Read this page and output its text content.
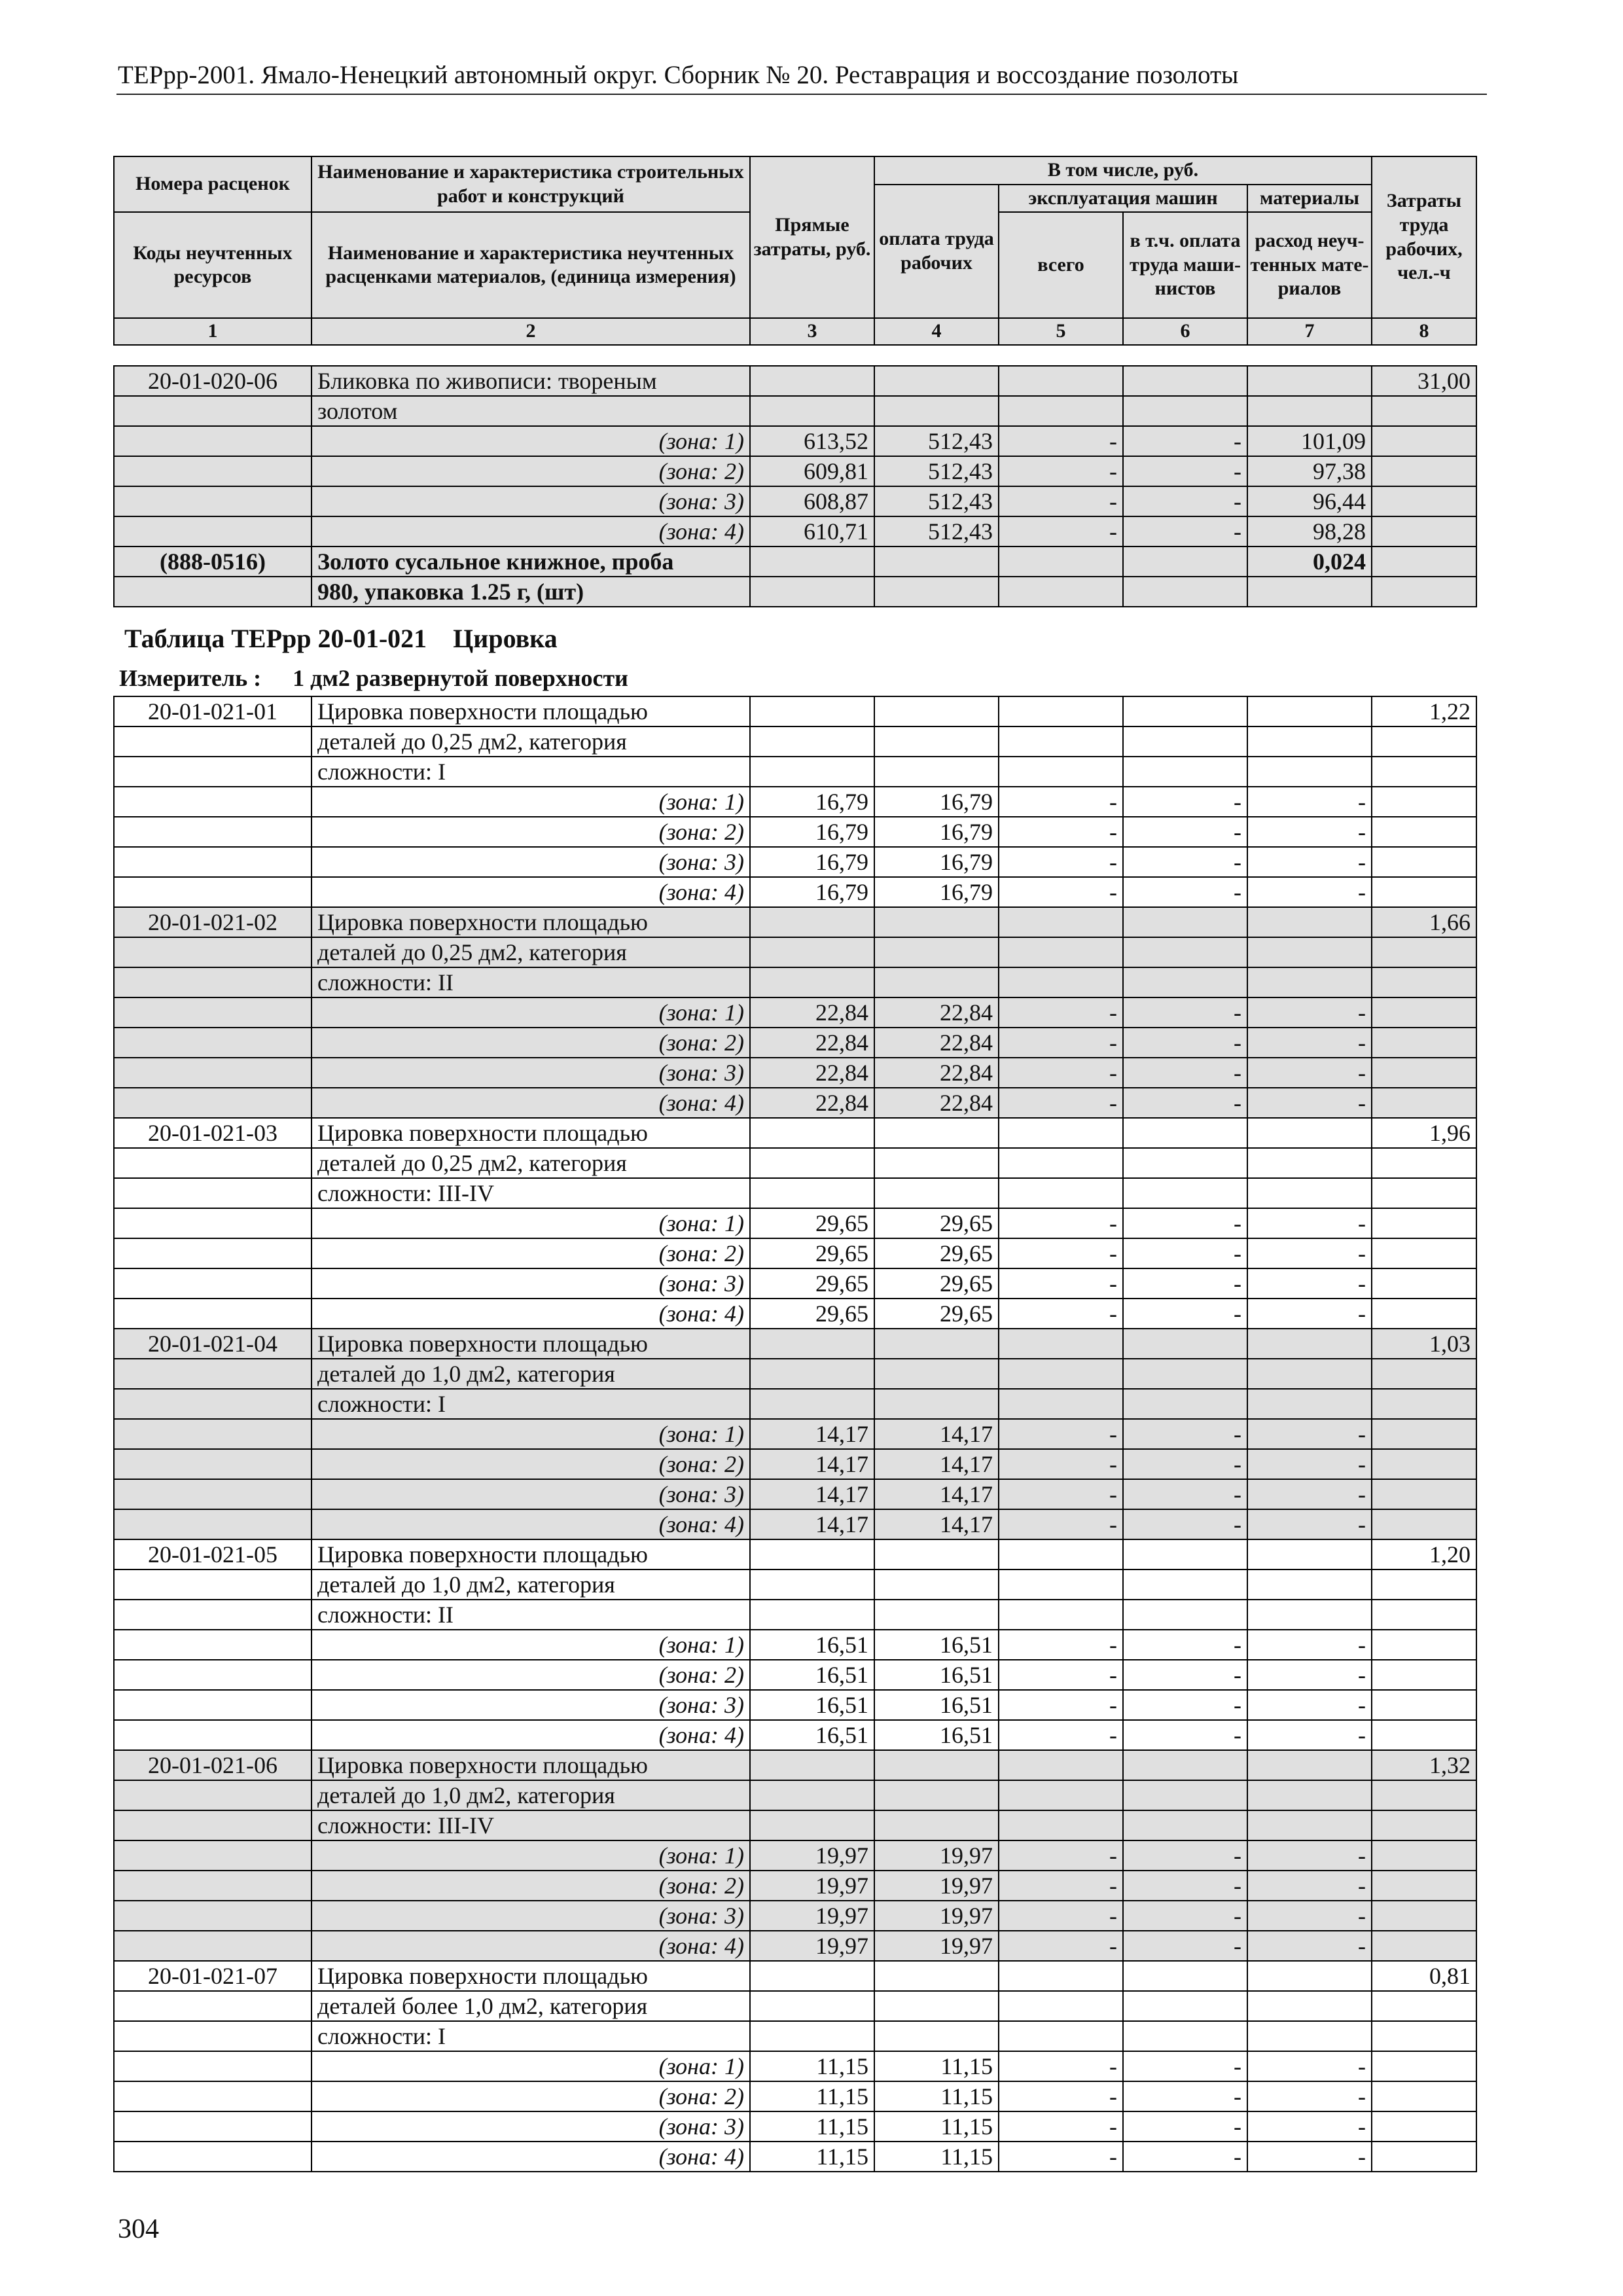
ТЕРрр-2001. Ямало-Ненецкий автономный округ. Сборник № 20. Реставрация и воссоздание позолоты
Номера расценок	Наименование и характеристика строительных работ и конструкций	Прямые затраты, руб.	В том числе, руб.				Затраты труда рабочих, чел.-ч
			оплата труда рабочих	эксплуатация машин		материалы	
Коды неучтенных ресурсов	Наименование и характеристика неучтенных расценками материалов, (единица измерения)			всего	в т.ч. оплата труда маши-нистов	расход неуч-тенных мате-риалов	

1	2	3	4	5	6	7	8
20-01-020-06	Бликовка по живописи: твореным						31,00
	золотом						
	(зона: 1)	613,52	512,43	-	-	101,09	
	(зона: 2)	609,81	512,43	-	-	97,38	
	(зона: 3)	608,87	512,43	-	-	96,44	
	(зона: 4)	610,71	512,43	-	-	98,28	
(888-0516)	Золото сусальное книжное, проба					0,024	
	980, упаковка 1.25 г, (шт)						
Таблица ТЕРрр 20-01-021 Цировка
Измеритель : 1 дм2 развернутой поверхности
20-01-021-01	Цировка поверхности площадью						1,22
	деталей до 0,25 дм2, категория						
	сложности: I						
	(зона: 1)	16,79	16,79	-	-	-	
	(зона: 2)	16,79	16,79	-	-	-	
	(зона: 3)	16,79	16,79	-	-	-	
	(зона: 4)	16,79	16,79	-	-	-	
20-01-021-02	Цировка поверхности площадью						1,66
	деталей до 0,25 дм2, категория						
	сложности: II						
	(зона: 1)	22,84	22,84	-	-	-	
	(зона: 2)	22,84	22,84	-	-	-	
	(зона: 3)	22,84	22,84	-	-	-	
	(зона: 4)	22,84	22,84	-	-	-	
20-01-021-03	Цировка поверхности площадью						1,96
	деталей до 0,25 дм2, категория						
	сложности: III-IV						
	(зона: 1)	29,65	29,65	-	-	-	
	(зона: 2)	29,65	29,65	-	-	-	
	(зона: 3)	29,65	29,65	-	-	-	
	(зона: 4)	29,65	29,65	-	-	-	
20-01-021-04	Цировка поверхности площадью						1,03
	деталей до 1,0 дм2, категория						
	сложности: I						
	(зона: 1)	14,17	14,17	-	-	-	
	(зона: 2)	14,17	14,17	-	-	-	
	(зона: 3)	14,17	14,17	-	-	-	
	(зона: 4)	14,17	14,17	-	-	-	
20-01-021-05	Цировка поверхности площадью						1,20
	деталей до 1,0 дм2, категория						
	сложности: II						
	(зона: 1)	16,51	16,51	-	-	-	
	(зона: 2)	16,51	16,51	-	-	-	
	(зона: 3)	16,51	16,51	-	-	-	
	(зона: 4)	16,51	16,51	-	-	-	
20-01-021-06	Цировка поверхности площадью						1,32
	деталей до 1,0 дм2, категория						
	сложности: III-IV						
	(зона: 1)	19,97	19,97	-	-	-	
	(зона: 2)	19,97	19,97	-	-	-	
	(зона: 3)	19,97	19,97	-	-	-	
	(зона: 4)	19,97	19,97	-	-	-	
20-01-021-07	Цировка поверхности площадью						0,81
	деталей более 1,0 дм2, категория						
	сложности: I						
	(зона: 1)	11,15	11,15	-	-	-	
	(зона: 2)	11,15	11,15	-	-	-	
	(зона: 3)	11,15	11,15	-	-	-	
	(зона: 4)	11,15	11,15	-	-	-	
304
